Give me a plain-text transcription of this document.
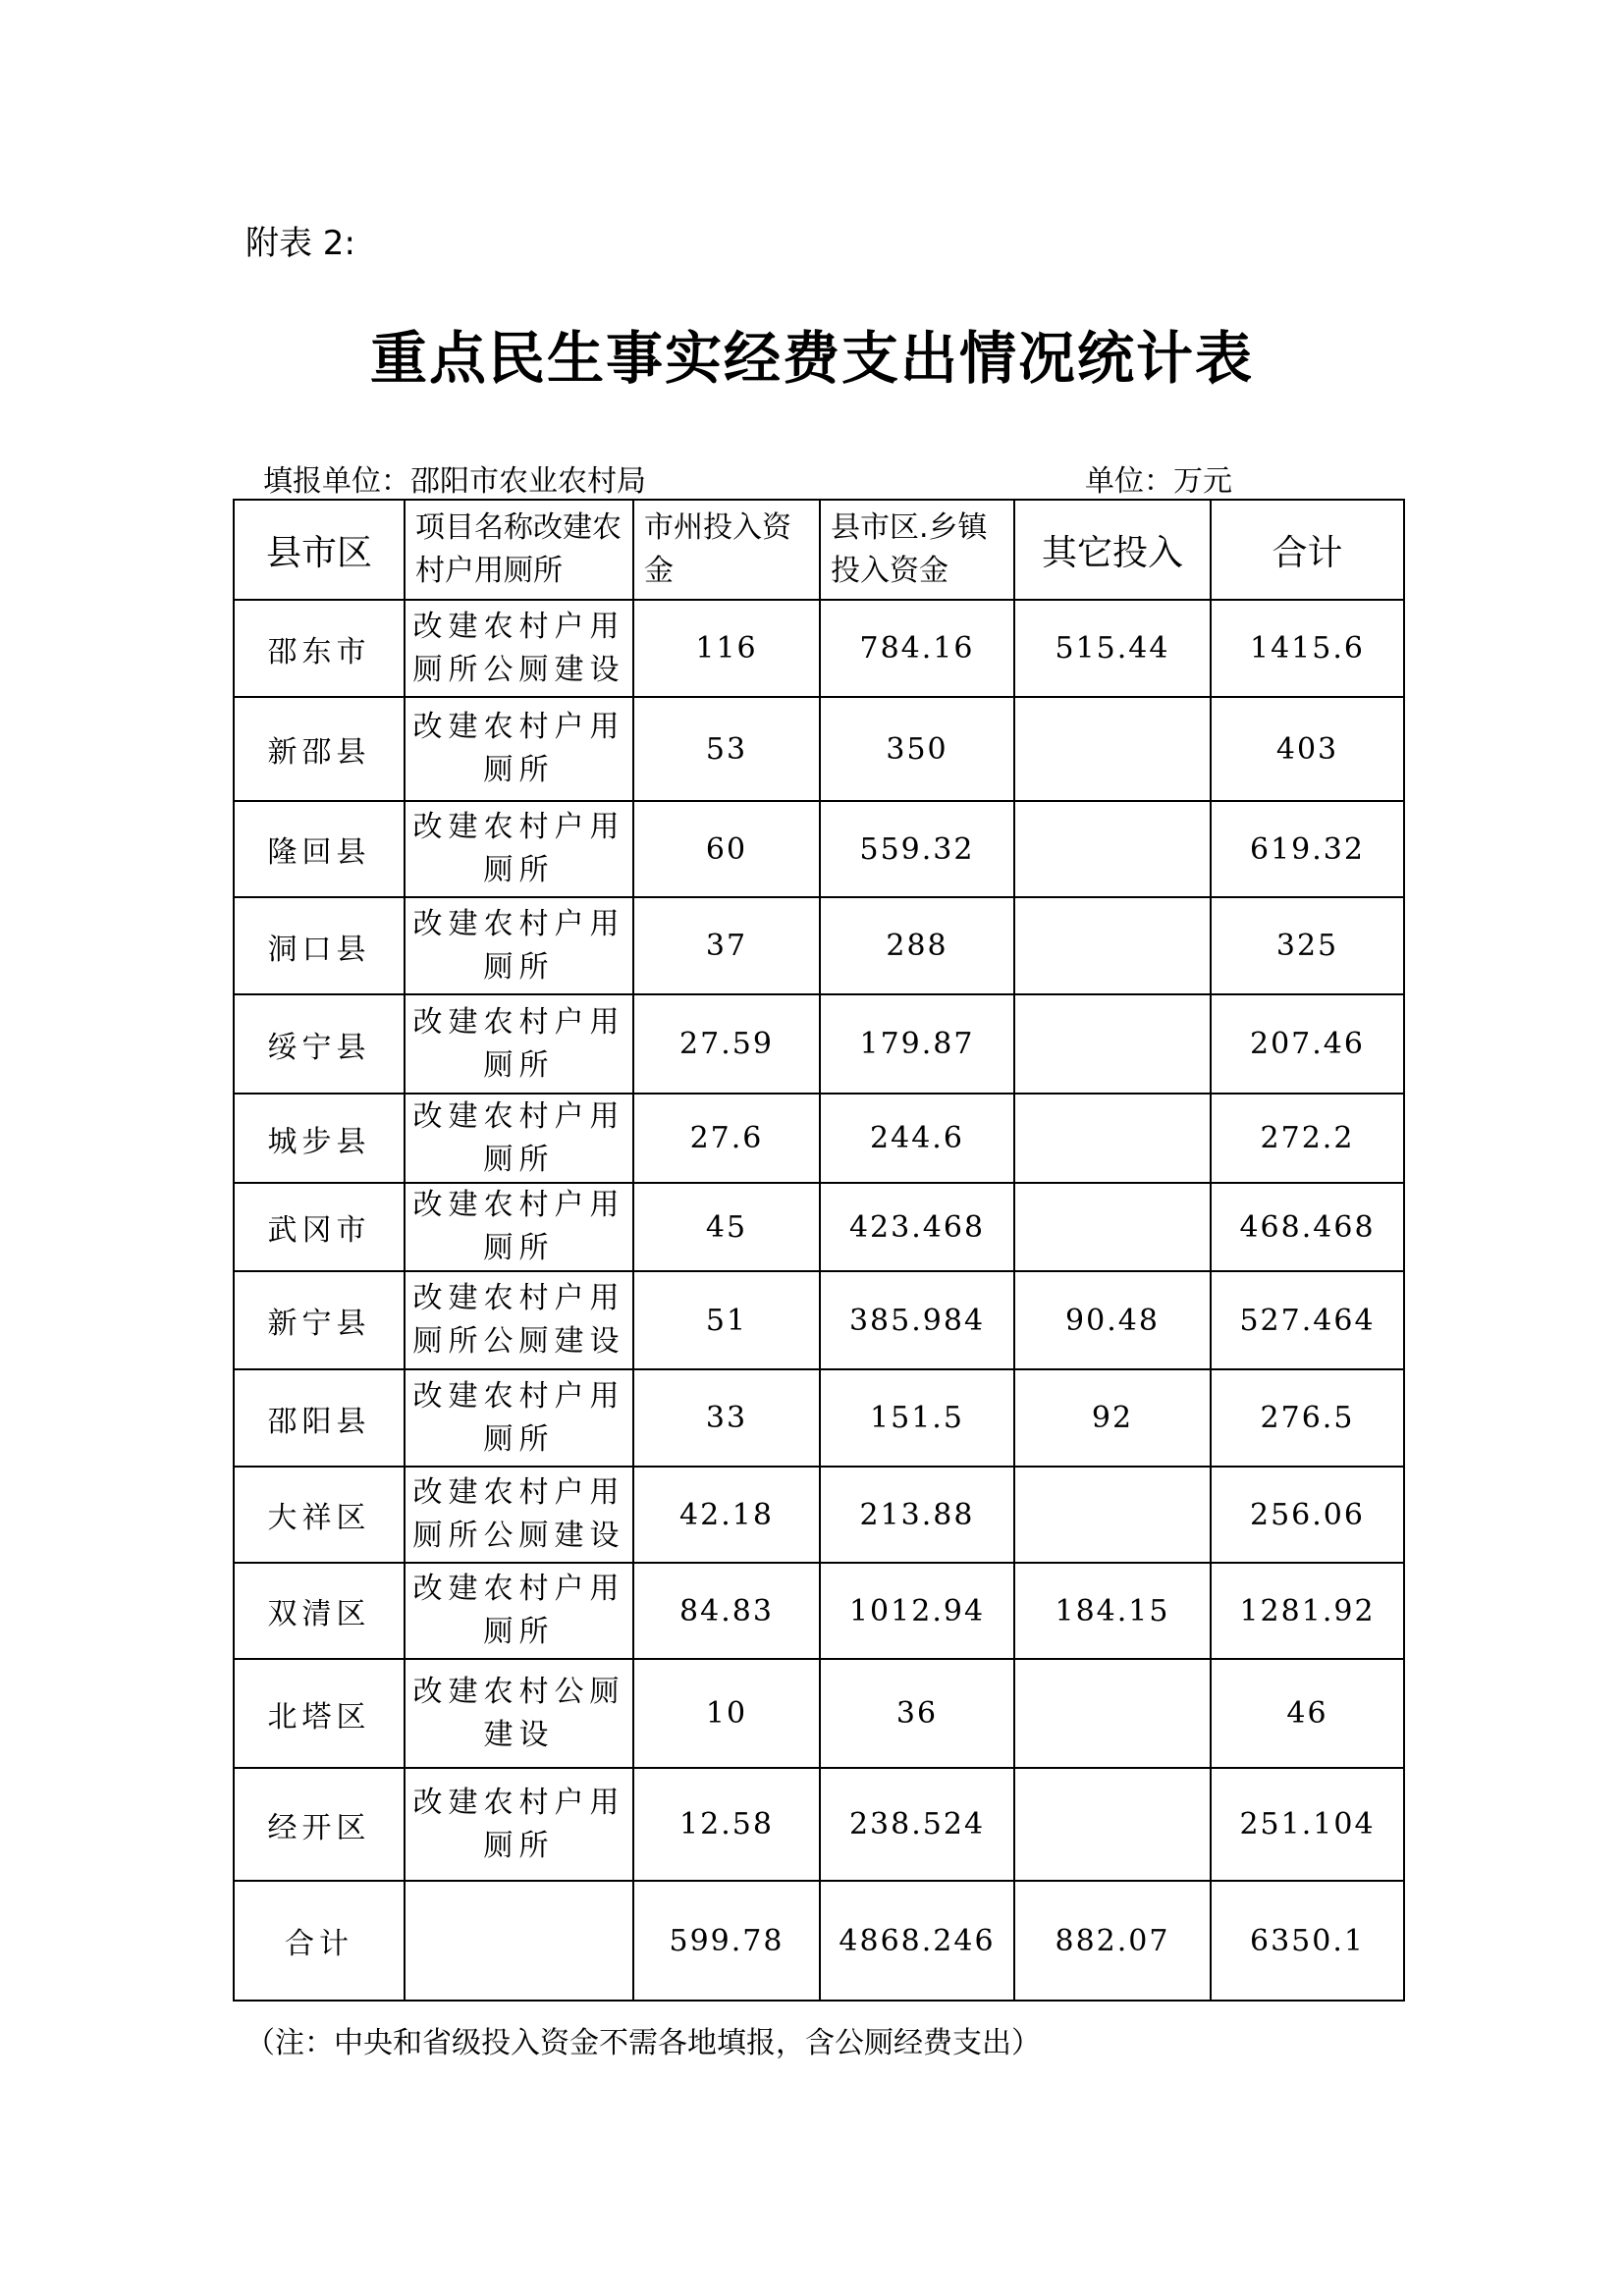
附表 2:
重点民生事实经费支出情况统计表
填报单位：邵阳市农业农村局	单位：万元
县市区	项目名称改建农村户用厕所	市州投入资金	县市区.乡镇投入资金	其它投入	合计
邵东市	改建农村户用厕所公厕建设	116	784.16	515.44	1415.6
新邵县	改建农村户用厕所	53	350		403
隆回县	改建农村户用厕所	60	559.32		619.32
洞口县	改建农村户用厕所	37	288		325
绥宁县	改建农村户用厕所	27.59	179.87		207.46
城步县	改建农村户用厕所	27.6	244.6		272.2
武冈市	改建农村户用厕所	45	423.468		468.468
新宁县	改建农村户用厕所公厕建设	51	385.984	90.48	527.464
邵阳县	改建农村户用厕所	33	151.5	92	276.5
大祥区	改建农村户用厕所公厕建设	42.18	213.88		256.06
双清区	改建农村户用厕所	84.83	1012.94	184.15	1281.92
北塔区	改建农村公厕建设	10	36		46
经开区	改建农村户用厕所	12.58	238.524		251.104
合计		599.78	4868.246	882.07	6350.1
（注：中央和省级投入资金不需各地填报，含公厕经费支出）
